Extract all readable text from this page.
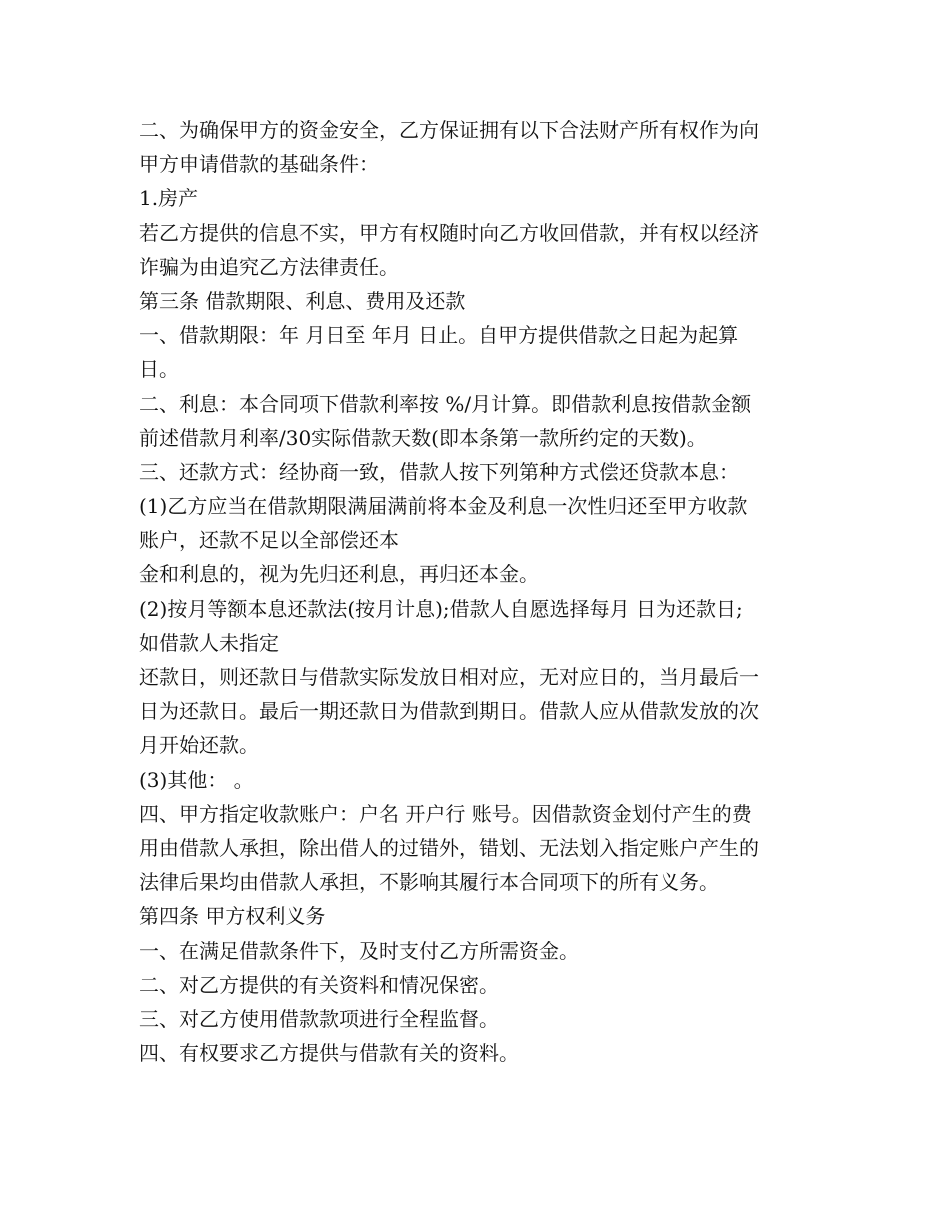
二、为确保甲方的资金安全，乙方保证拥有以下合法财产所有权作为向
甲方申请借款的基础条件：
1.房产
若乙方提供的信息不实，甲方有权随时向乙方收回借款，并有权以经济
诈骗为由追究乙方法律责任。
第三条 借款期限、利息、费用及还款
一、借款期限：年 月日至 年月 日止。自甲方提供借款之日起为起算
日。
二、利息：本合同项下借款利率按 %/月计算。即借款利息按借款金额
前述借款月利率/30实际借款天数(即本条第一款所约定的天数)。
三、还款方式：经协商一致，借款人按下列第种方式偿还贷款本息：
(1)乙方应当在借款期限满届满前将本金及利息一次性归还至甲方收款
账户，还款不足以全部偿还本
金和利息的，视为先归还利息，再归还本金。
(2)按月等额本息还款法(按月计息);借款人自愿选择每月 日为还款日;
如借款人未指定
还款日，则还款日与借款实际发放日相对应，无对应日的，当月最后一
日为还款日。最后一期还款日为借款到期日。借款人应从借款发放的次
月开始还款。
(3)其他： 。
四、甲方指定收款账户：户名 开户行 账号。因借款资金划付产生的费
用由借款人承担，除出借人的过错外，错划、无法划入指定账户产生的
法律后果均由借款人承担，不影响其履行本合同项下的所有义务。
第四条 甲方权利义务
一、在满足借款条件下，及时支付乙方所需资金。
二、对乙方提供的有关资料和情况保密。
三、对乙方使用借款款项进行全程监督。
四、有权要求乙方提供与借款有关的资料。
